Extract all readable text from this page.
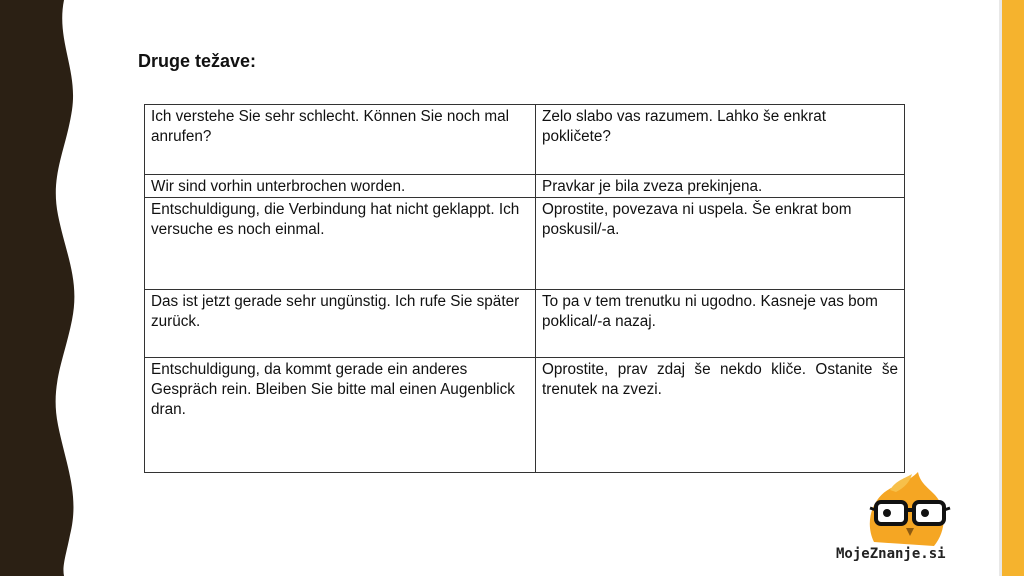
Druge težave:
Ich verstehe Sie sehr schlecht. Können Sie noch mal anrufen?	Zelo slabo vas razumem. Lahko še enkrat pokličete?
Wir sind vorhin unterbrochen worden.	Pravkar je bila zveza prekinjena.
Entschuldigung, die Verbindung hat nicht geklappt. Ich versuche es noch einmal.	Oprostite, povezava ni uspela. Še enkrat bom poskusil/-a.
Das ist jetzt gerade sehr ungünstig. Ich rufe Sie später zurück.	To pa v tem trenutku ni ugodno. Kasneje vas bom poklical/-a nazaj.
Entschuldigung, da kommt gerade ein anderes Gespräch rein. Bleiben Sie bitte mal einen Augenblick dran.	Oprostite, prav zdaj še nekdo kliče. Ostanite še trenutek na zvezi.
MojeZnanje.si
